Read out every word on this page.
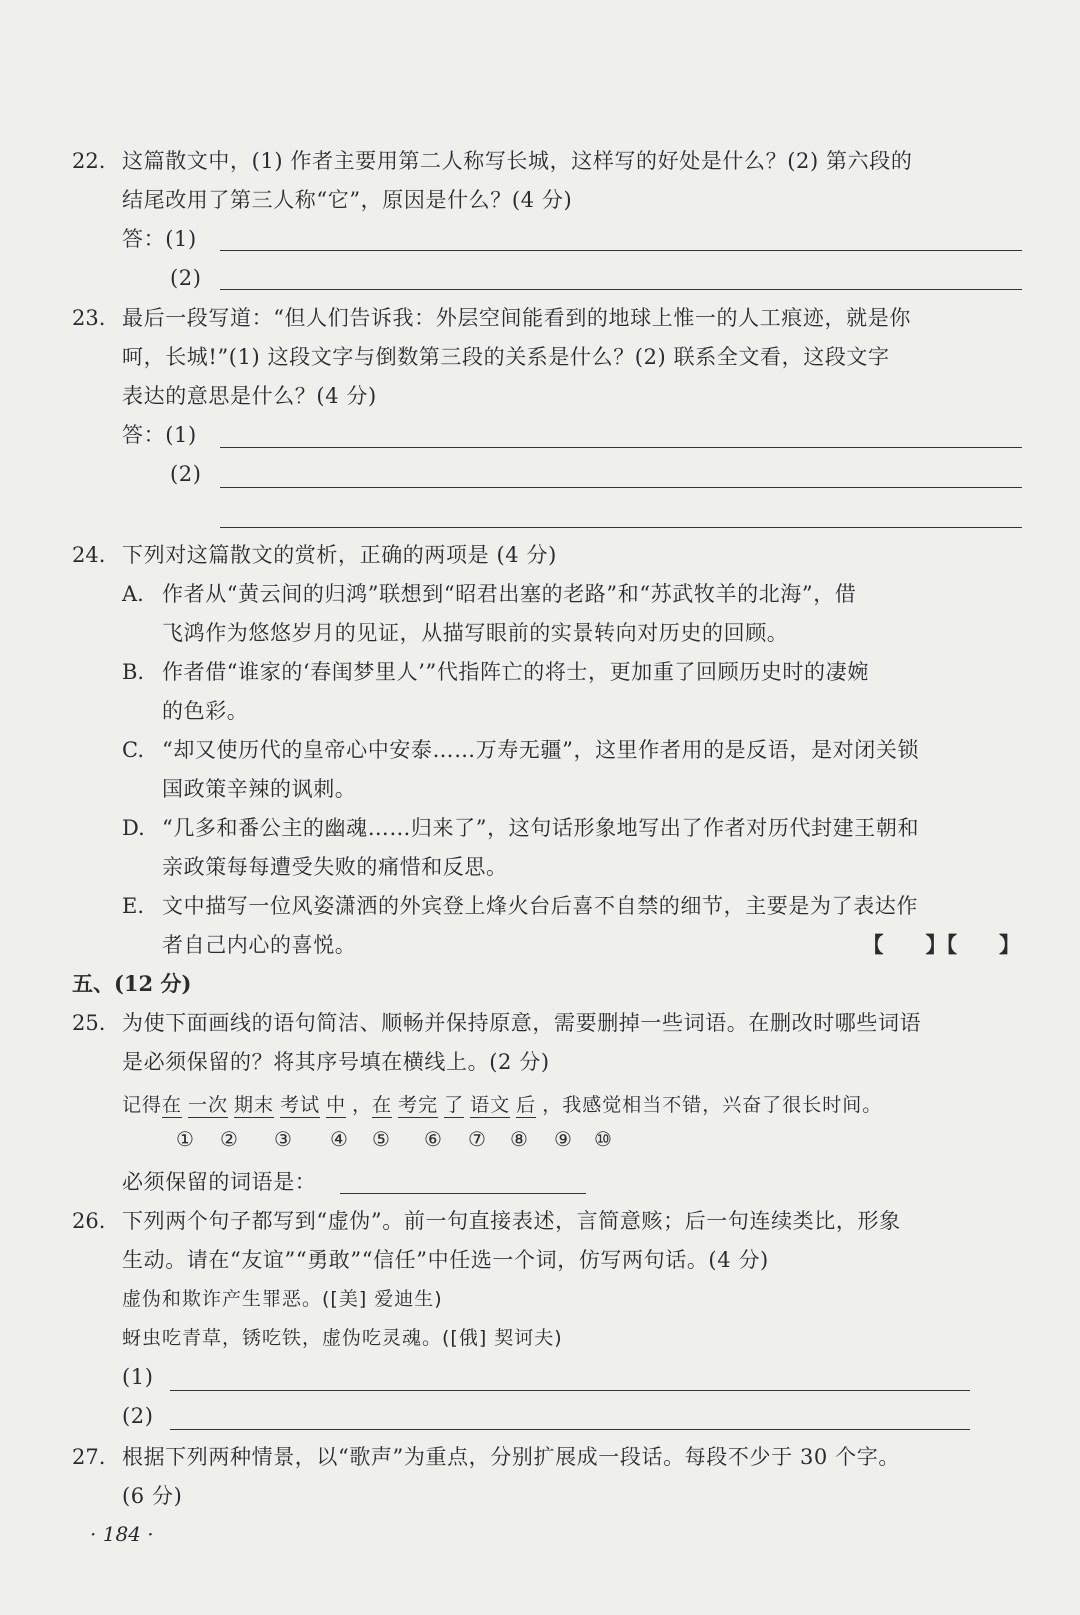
22. 这篇散文中，(1) 作者主要用第二人称写长城，这样写的好处是什么？(2) 第六段的
结尾改用了第三人称“它”，原因是什么？(4 分)
答：(1)
(2)
23. 最后一段写道：“但人们告诉我：外层空间能看到的地球上惟一的人工痕迹，就是你
呵，长城!”(1) 这段文字与倒数第三段的关系是什么？(2) 联系全文看，这段文字
表达的意思是什么？(4 分)
答：(1)
(2)
24. 下列对这篇散文的赏析，正确的两项是 (4 分)
A. 作者从“黄云间的归鸿”联想到“昭君出塞的老路”和“苏武牧羊的北海”，借
飞鸿作为悠悠岁月的见证，从描写眼前的实景转向对历史的回顾。
B. 作者借“谁家的‘春闺梦里人’”代指阵亡的将士，更加重了回顾历史时的凄婉
的色彩。
C. “却又使历代的皇帝心中安泰……万寿无疆”，这里作者用的是反语，是对闭关锁
国政策辛辣的讽刺。
D. “几多和番公主的幽魂……归来了”，这句话形象地写出了作者对历代封建王朝和
亲政策每每遭受失败的痛惜和反思。
E. 文中描写一位风姿潇洒的外宾登上烽火台后喜不自禁的细节，主要是为了表达作
者自己内心的喜悦。	【　　】【　　】
五、(12 分)
25. 为使下面画线的语句简洁、顺畅并保持原意，需要删掉一些词语。在删改时哪些词语
是必须保留的？将其序号填在横线上。(2 分)
记得在 一次 期末 考试 中 ，在 考完 了 语文 后 ，我感觉相当不错，兴奋了很长时间。
① ② ③ ④ ⑤ ⑥ ⑦ ⑧ ⑨ ⑩
必须保留的词语是：
26. 下列两个句子都写到“虚伪”。前一句直接表述，言简意赅；后一句连续类比，形象
生动。请在“友谊”“勇敢”“信任”中任选一个词，仿写两句话。(4 分)
虚伪和欺诈产生罪恶。([美] 爱迪生)
蚜虫吃青草，锈吃铁，虚伪吃灵魂。([俄] 契诃夫)
(1)
(2)
27. 根据下列两种情景，以“歌声”为重点，分别扩展成一段话。每段不少于 30 个字。
(6 分)
· 184 ·
